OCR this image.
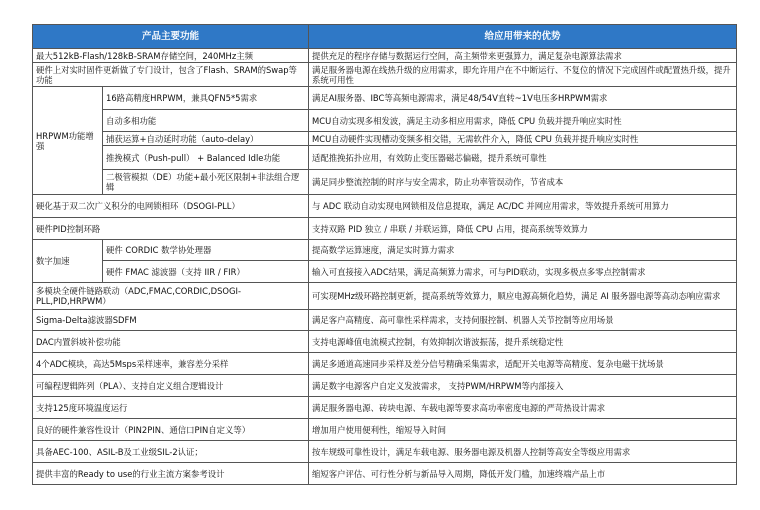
产品主要功能		给应用带来的优势
最大512kB-Flash/128kB-SRAM存储空间，240MHz主频		提供充足的程序存储与数据运行空间，高主频带来更强算力，满足复杂电源算法需求
硬件上对实时固件更新做了专门设计，包含了Flash、SRAM的Swap等功能		满足服务器电源在线热升级的应用需求，即允许用户在不中断运行、不复位的情况下完成固件或配置热升级，提升系统可用性
HRPWM功能增强	16路高精度HRPWM，兼具QFN5*5需求	满足AI服务器、IBC等高频电源需求，满足48/54V直转~1V电压多HRPWM需求
	自动多相功能	MCU自动实现多相发波，满足主动多相应用需求，降低 CPU 负载并提升响应实时性
	捕获运算+自动延时功能（auto-delay）	MCU自动硬件实现槽动变频多相交错，无需软件介入，降低 CPU 负载并提升响应实时性
	推挽模式（Push-pull） + Balanced Idle功能	适配推挽拓扑应用，有效防止变压器磁芯偏磁，提升系统可靠性
	二极管模拟（DE）功能+最小死区限制+非法组合逻辑	满足同步整流控制的时序与安全需求，防止功率管误动作，节省成本
硬化基于双二次广义积分的电网锁相环（DSOGI-PLL）		与 ADC 联动自动实现电网锁相及信息提取，满足 AC/DC 并网应用需求，等效提升系统可用算力
硬件PID控制环路		支持双路 PID 独立 / 串联 / 并联运算，降低 CPU 占用，提高系统等效算力
数字加速	硬件 CORDIC 数学协处理器	提高数学运算速度，满足实时算力需求
	硬件 FMAC 滤波器（支持 IIR / FIR）	输入可直接接入ADC结果，满足高频算力需求，可与PID联动，实现多极点多零点控制需求
多模块全硬件链路联动（ADC,FMAC,CORDIC,DSOGI-PLL,PID,HRPWM）		可实现MHz级环路控制更新，提高系统等效算力，顺应电源高频化趋势，满足 AI 服务器电源等高动态响应需求
Sigma-Delta滤波器SDFM		满足客户高精度、高可靠性采样需求，支持伺服控制、机器人关节控制等应用场景
DAC内置斜坡补偿功能		支持电源峰值电流模式控制，有效抑制次谐波振荡，提升系统稳定性
4个ADC模块，高达5Msps采样速率，兼容差分采样		满足多通道高速同步采样及差分信号精确采集需求，适配开关电源等高精度、复杂电磁干扰场景
可编程逻辑阵列（PLA）、支持自定义组合逻辑设计		满足数字电源客户自定义发波需求， 支持PWM/HRPWM等内部接入
支持125度环境温度运行		满足服务器电源、砖块电源、车载电源等要求高功率密度电源的严苛热设计需求
良好的硬件兼容性设计（PIN2PIN、通信口PIN自定义等）		增加用户使用便利性，缩短导入时间
具备AEC-100、ASIL-B及工业级SIL-2认证；		按车规级可靠性设计，满足车载电源、服务器电源及机器人控制等高安全等级应用需求
提供丰富的Ready to use的行业主流方案参考设计		缩短客户评估、可行性分析与新品导入周期，降低开发门槛，加速终端产品上市
